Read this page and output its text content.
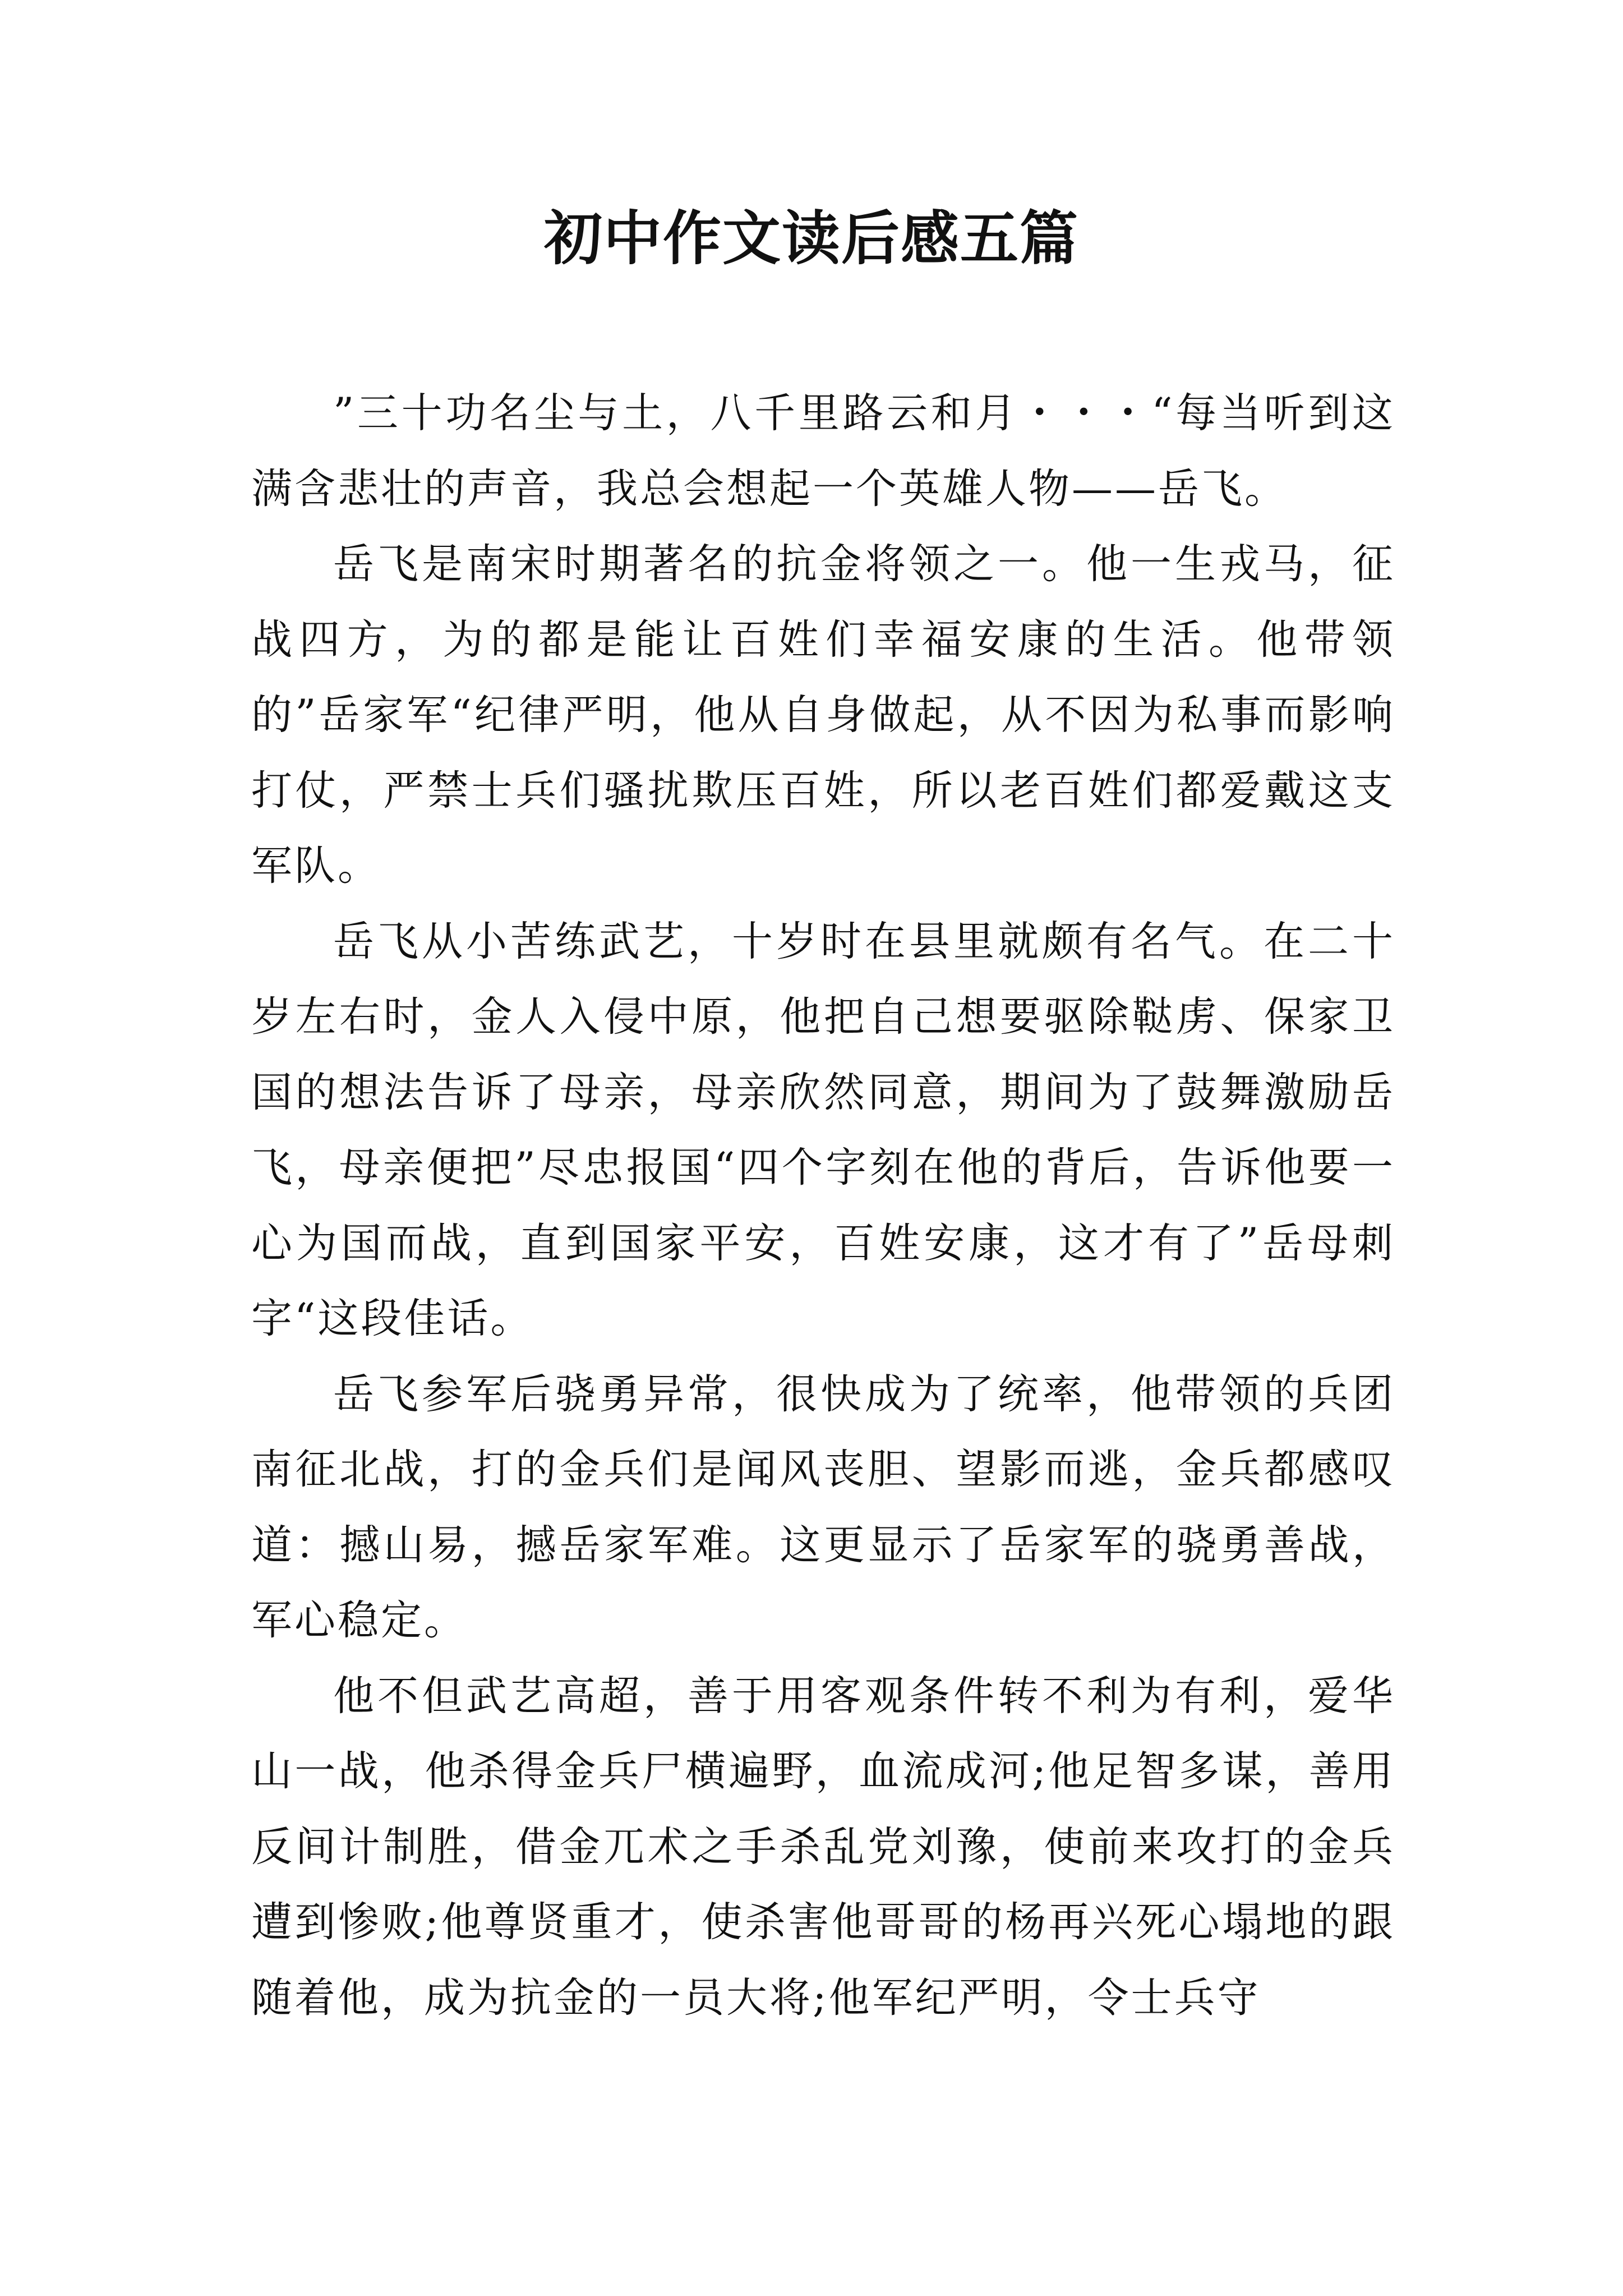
初中作文读后感五篇

”三十功名尘与土，八千里路云和月・・・“每当听到这满含悲壮的声音，我总会想起一个英雄人物——岳飞。

岳飞是南宋时期著名的抗金将领之一。他一生戎马，征战四方，为的都是能让百姓们幸福安康的生活。他带领的”岳家军“纪律严明，他从自身做起，从不因为私事而影响打仗，严禁士兵们骚扰欺压百姓，所以老百姓们都爱戴这支军队。

岳飞从小苦练武艺，十岁时在县里就颇有名气。在二十岁左右时，金人入侵中原，他把自己想要驱除鞑虏、保家卫国的想法告诉了母亲，母亲欣然同意，期间为了鼓舞激励岳飞，母亲便把”尽忠报国“四个字刻在他的背后，告诉他要一心为国而战，直到国家平安，百姓安康，这才有了”岳母刺字“这段佳话。

岳飞参军后骁勇异常，很快成为了统率，他带领的兵团南征北战，打的金兵们是闻风丧胆、望影而逃，金兵都感叹道：撼山易，撼岳家军难。这更显示了岳家军的骁勇善战，军心稳定。

他不但武艺高超，善于用客观条件转不利为有利，爱华山一战，他杀得金兵尸横遍野，血流成河;他足智多谋，善用反间计制胜，借金兀术之手杀乱党刘豫，使前来攻打的金兵遭到惨败;他尊贤重才，使杀害他哥哥的杨再兴死心塌地的跟随着他，成为抗金的一员大将;他军纪严明，令士兵守
